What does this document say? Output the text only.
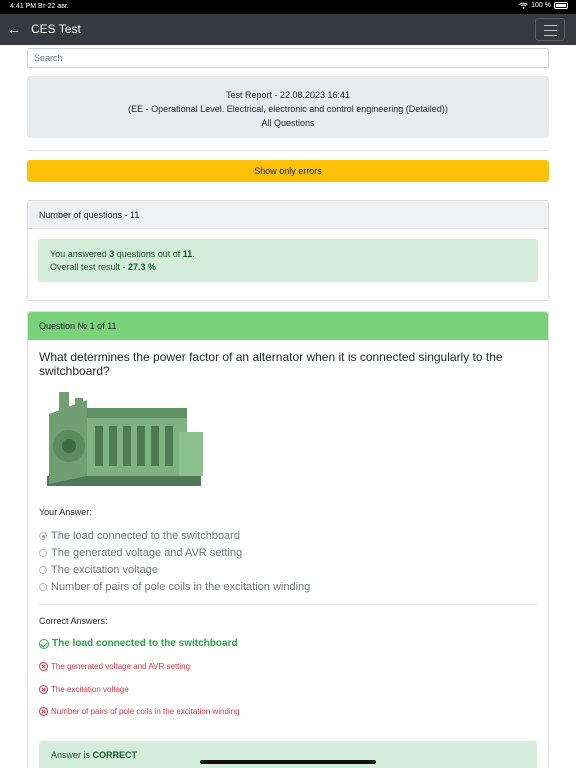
4:41 PM Вт 22 авг.	100 %
← CES Test
Search
Test Report - 22.08.2023 16:41
(EE - Operational Level. Electrical, electronic and control engineering (Detailed))
All Questions
Show only errors
Number of questions - 11
You answered 3 questions out of 11.
Overall test result - 27.3 %
Question № 1 of 11
What determines the power factor of an alternator when it is connected singularly to the switchboard?
Your Answer:
The load connected to the switchboard
The generated voltage and AVR setting
The excitation voltage
Number of pairs of pole coils in the excitation winding
Correct Answers:
The load connected to the switchboard
The generated voltage and AVR setting
The excitation voltage
Number of pairs of pole coils in the excitation winding
Answer is CORRECT
